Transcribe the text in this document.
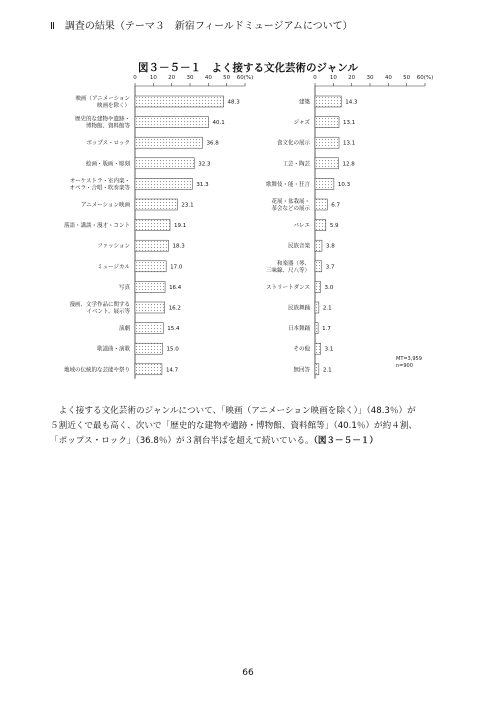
Ⅱ　調査の結果（テーマ３　新宿フィールドミュージアムについて）
図３－５－１　よく接する文化芸術のジャンル
0 10 20 30 40 50 60(%)
48.3
映画（アニメーション
映画を除く）
40.1
歴史的な建物や遺跡・
博物館、資料館等
36.8
ポップス・ロック
32.3
絵画・版画・彫刻
31.3
オーケストラ・室内楽・
オペラ・合唱・吹奏楽等
23.1
アニメーション映画
19.1
落語・講談・漫才・コント
18.3
ファッション
17.0
ミュージカル
16.4
写真
16.2
漫画、文学作品に関する
イベント、展示等
15.4
演劇
15.0
歌謡曲・演歌
14.7
地域の伝統的な芸能や祭り
0 10 20 30 40 50 60(%)
14.3
建築
13.1
ジャズ
13.1
食文化の展示
12.8
工芸・陶芸
10.3
歌舞伎・能・狂言
6.7
花展・盆栽展・
茶会などの展示
5.9
バレエ
3.8
民族音楽
3.7
和楽器（琴、
三味線、尺八等）
3.0
ストリートダンス
2.1
民族舞踊
1.7
日本舞踊
3.1
その他
2.1
無回答
MT=3,959
n=900

　よく接する文化芸術のジャンルについて、「映画（アニメーション映画を除く）」（48.3％）が

５割近くで最も高く、次いで「歴史的な建物や遺跡・博物館、資料館等」（40.1％）が約４割、

「ポップス・ロック」（36.8％）が３割台半ばを超えて続いている。（図３－５－１）

66
